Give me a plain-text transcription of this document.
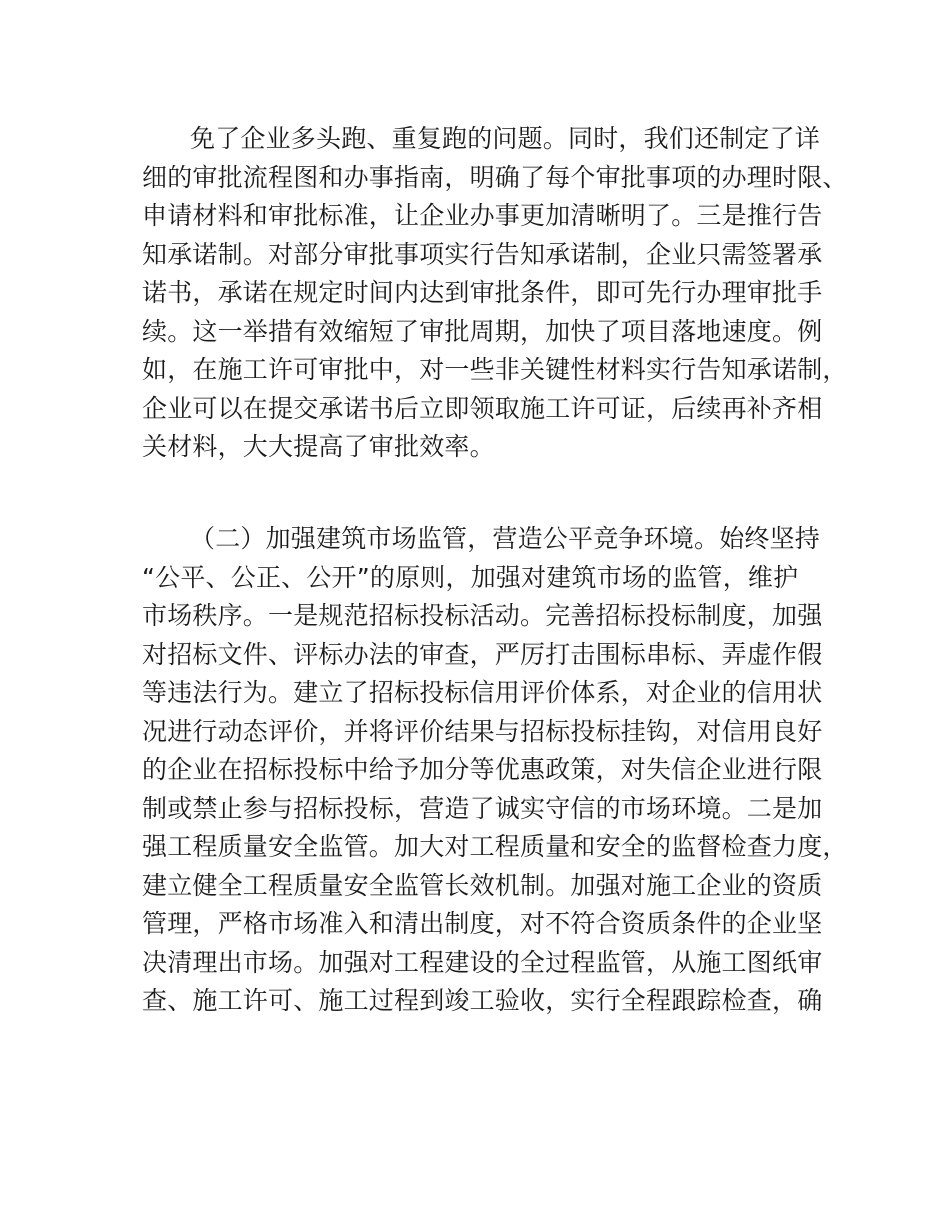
免了企业多头跑、重复跑的问题。同时，我们还制定了详
细的审批流程图和办事指南，明确了每个审批事项的办理时限、
申请材料和审批标准，让企业办事更加清晰明了。三是推行告
知承诺制。对部分审批事项实行告知承诺制，企业只需签署承
诺书，承诺在规定时间内达到审批条件，即可先行办理审批手
续。这一举措有效缩短了审批周期，加快了项目落地速度。例
如，在施工许可审批中，对一些非关键性材料实行告知承诺制，
企业可以在提交承诺书后立即领取施工许可证，后续再补齐相
关材料，大大提高了审批效率。
（二）加强建筑市场监管，营造公平竞争环境。始终坚持
“公平、公正、公开”的原则，加强对建筑市场的监管，维护
市场秩序。一是规范招标投标活动。完善招标投标制度，加强
对招标文件、评标办法的审查，严厉打击围标串标、弄虚作假
等违法行为。建立了招标投标信用评价体系，对企业的信用状
况进行动态评价，并将评价结果与招标投标挂钩，对信用良好
的企业在招标投标中给予加分等优惠政策，对失信企业进行限
制或禁止参与招标投标，营造了诚实守信的市场环境。二是加
强工程质量安全监管。加大对工程质量和安全的监督检查力度，
建立健全工程质量安全监管长效机制。加强对施工企业的资质
管理，严格市场准入和清出制度，对不符合资质条件的企业坚
决清理出市场。加强对工程建设的全过程监管，从施工图纸审
查、施工许可、施工过程到竣工验收，实行全程跟踪检查，确
